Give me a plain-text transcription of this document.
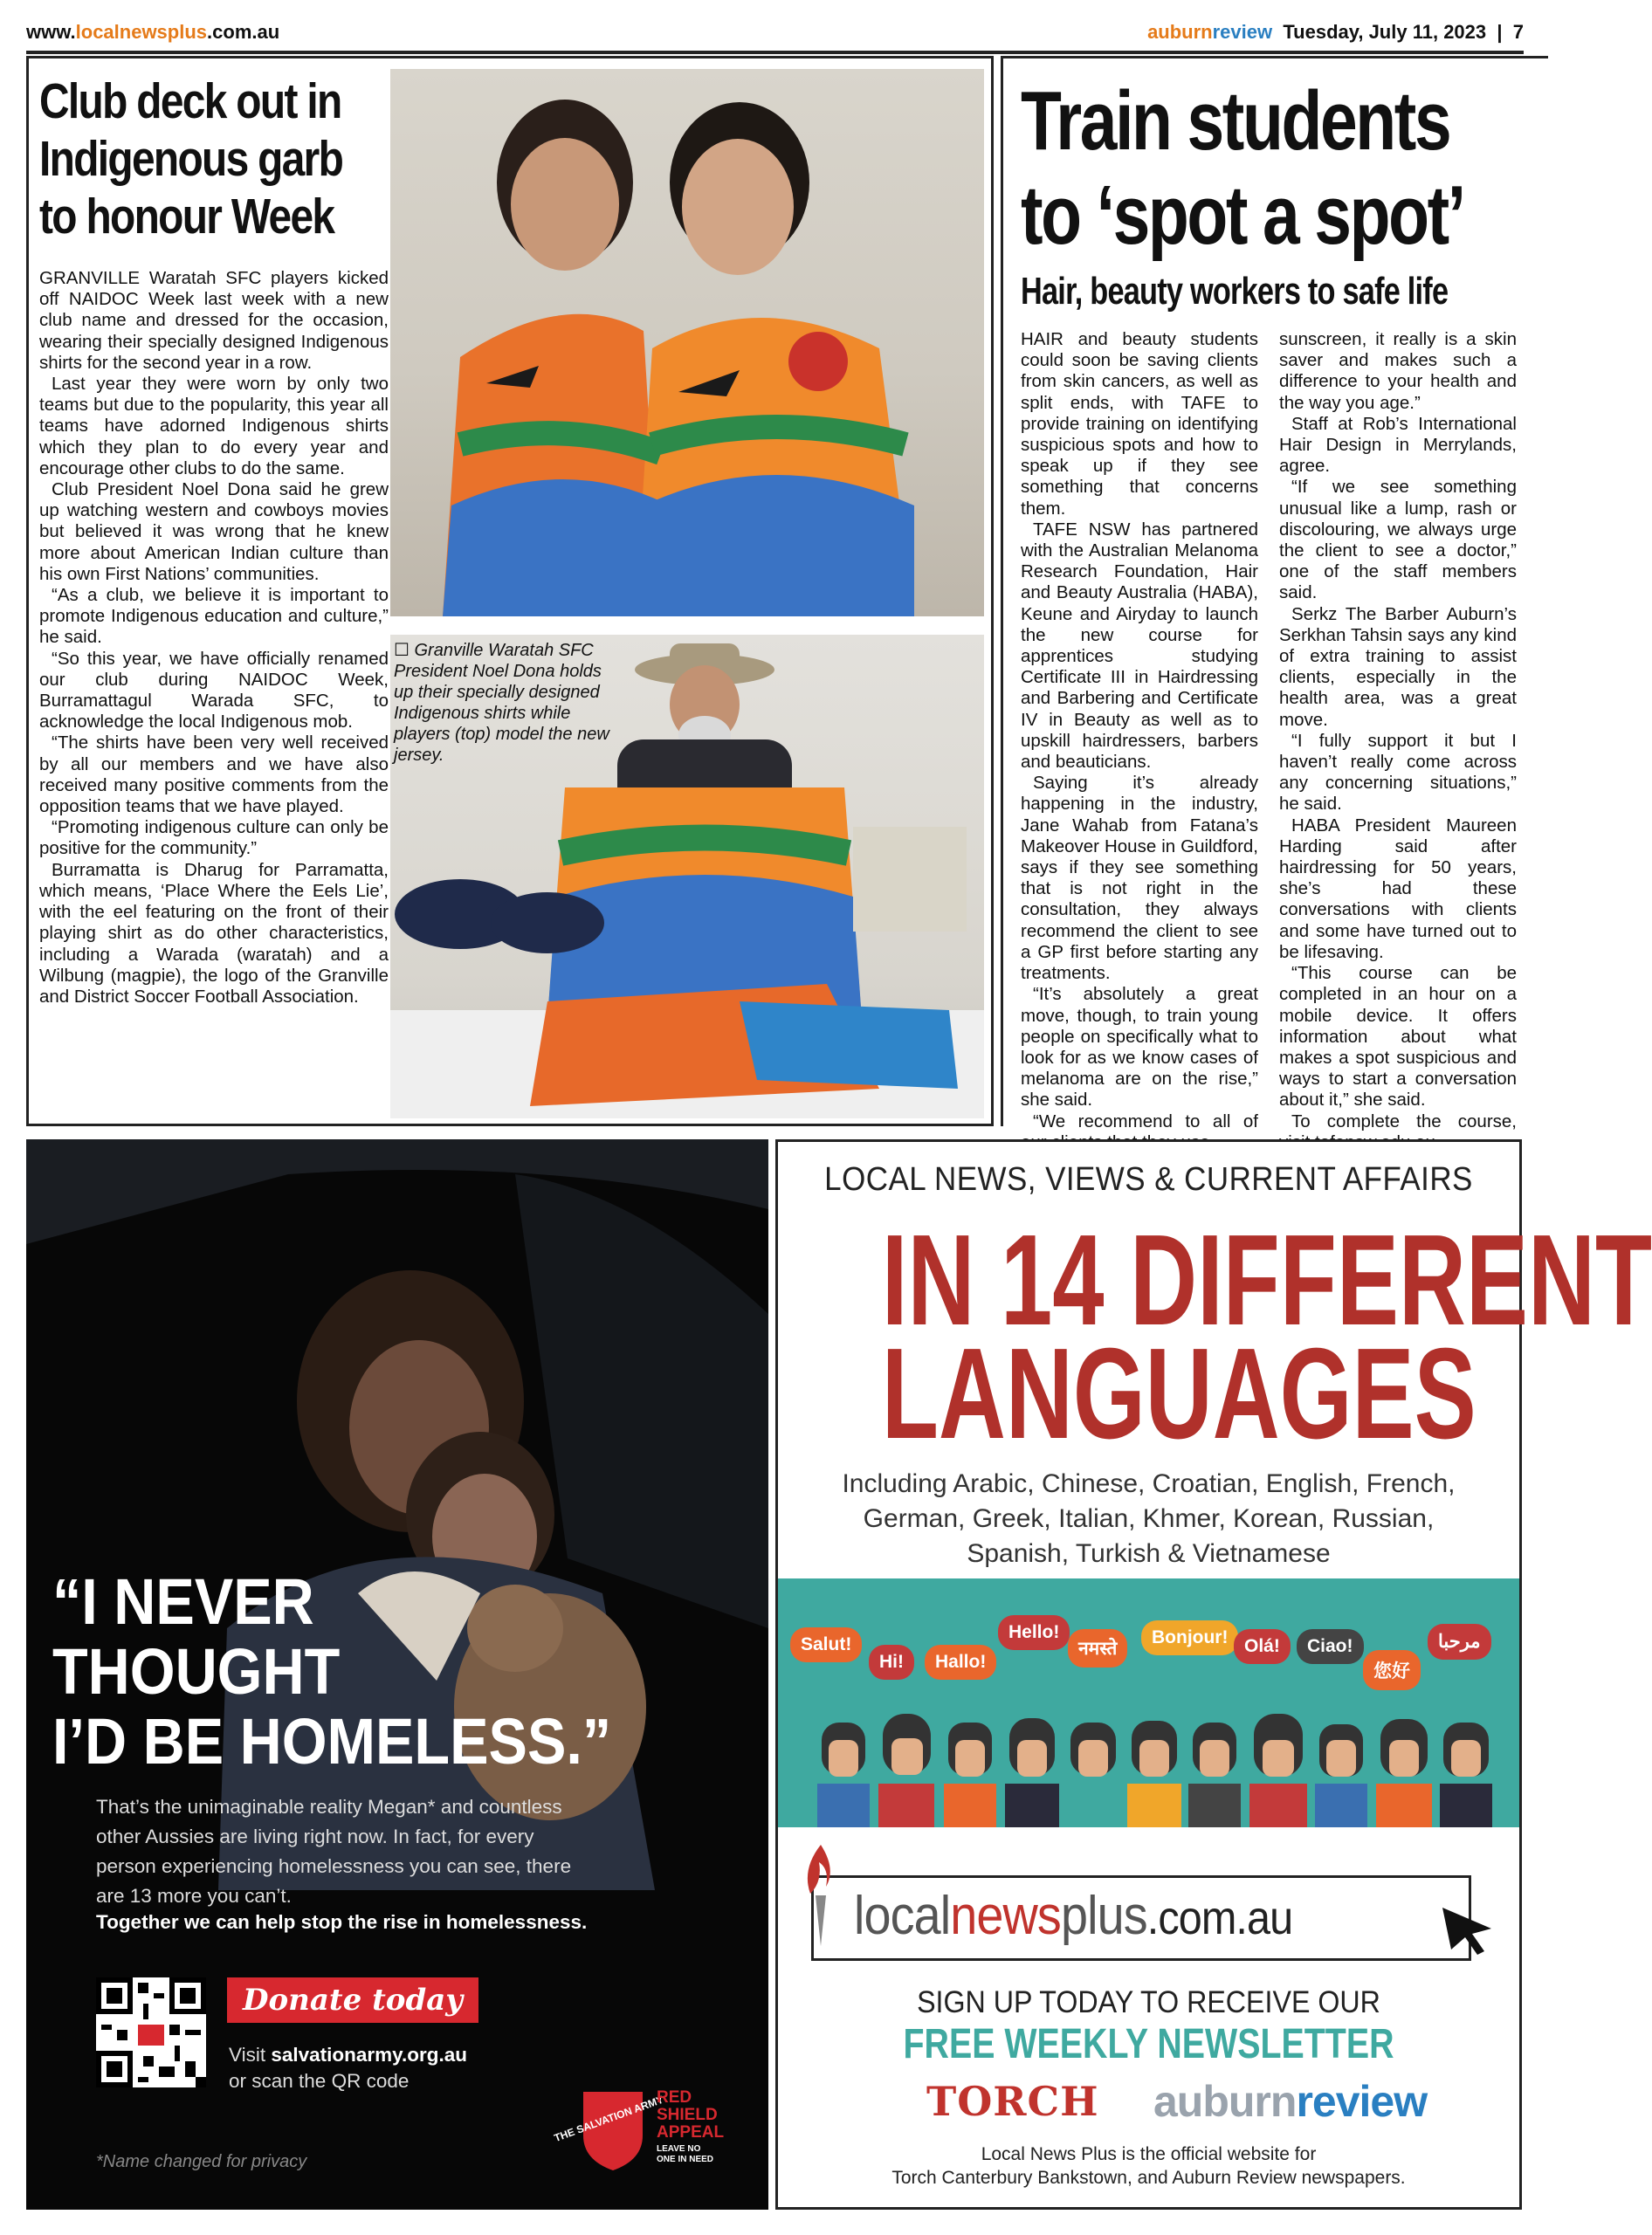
www.localnewsplus.com.au	auburnreview Tuesday, July 11, 2023  |  7
Club deck out in
Indigenous garb
to honour Week

GRANVILLE Waratah SFC players kicked off NAIDOC Week last week with a new club name and dressed for the occasion, wearing their specially designed Indigenous shirts for the second year in a row.

Last year they were worn by only two teams but due to the popularity, this year all teams have adorned Indigenous shirts which they plan to do every year and encourage other clubs to do the same.

Club President Noel Dona said he grew up watching western and cowboys movies but believed it was wrong that he knew more about American Indian culture than his own First Nations’ communities.

“As a club, we believe it is important to promote Indigenous education and culture,” he said.

“So this year, we have officially renamed our club during NAIDOC Week, Burramattagul Warada SFC, to acknowledge the local Indigenous mob.

“The shirts have been very well received by all our members and we have also received many positive comments from the opposition teams that we have played.

“Promoting indigenous culture can only be positive for the community.”

Burramatta is Dharug for Parramatta, which means, ‘Place Where the Eels Lie’, with the eel featuring on the front of their playing shirt as do other characteristics, including a Warada (waratah) and a Wilbung (magpie), the logo of the Granville and District Soccer Football Association.

☐ Granville Waratah SFC President Noel Dona holds up their specially designed Indigenous shirts while players (top) model the new jersey.
Train students
to ‘spot a spot’
Hair, beauty workers to safe life

HAIR and beauty students could soon be saving clients from skin cancers, as well as split ends, with TAFE to provide training on identifying suspicious spots and how to speak up if they see something that concerns them.

TAFE NSW has partnered with the Australian Melanoma Research Foundation, Hair and Beauty Australia (HABA), Keune and Airyday to launch the new course for apprentices studying Certificate III in Hairdressing and Barbering and Certificate IV in Beauty as well as to upskill hairdressers, barbers and beauticians.

Saying it’s already happening in the industry, Jane Wahab from Fatana’s Makeover House in Guildford, says if they see something that is not right in the consultation, they always recommend the client to see a GP first before starting any treatments.

“It’s absolutely a great move, though, to train young people on specifically what to look for as we know cases of melanoma are on the rise,” she said.

“We recommend to all of

sunscreen, it really is a skin saver and makes such a difference to your health and the way you age.”

Staff at Rob’s International Hair Design in Merrylands, agree.

“If we see something unusual like a lump, rash or discolouring, we always urge the client to see a doctor,” one of the staff members said.

Serkz The Barber Auburn’s Serkhan Tahsin says any kind of extra training to assist clients, especially in the health area, was a great move.

“I fully support it but I haven’t really come across any concerning situations,” he said.

HABA President Maureen Harding said after hairdressing for 50 years, she’s had these conversations with clients and some have turned out to be lifesaving.

“This course can be completed in an hour on a mobile device. It offers information about what makes a spot suspicious and ways to start a conversation about it,” she said.

To complete the course,

“I NEVER
THOUGHT
I’D BE HOMELESS.”
That’s the unimaginable reality Megan* and countless other Aussies are living right now. In fact, for every person experiencing homelessness you can see, there are 13 more you can’t.
Together we can help stop the rise in homelessness.
Donate today
Visit salvationarmy.org.au
or scan the QR code
*Name changed for privacy
THE SALVATION ARMY
RED
SHIELD
APPEAL
LEAVE NO
ONE IN NEED
LOCAL NEWS, VIEWS & CURRENT AFFAIRS
IN 14 DIFFERENT
LANGUAGES
Including Arabic, Chinese, Croatian, English, French,
German, Greek, Italian, Khmer, Korean, Russian,
Spanish, Turkish & Vietnamese
Salut!
Hi!	Hallo!
Hello!
नमस्ते
Bonjour! Olá!	Ciao!
您好
مرحبا
localnewsplus.com.au
SIGN UP TODAY TO RECEIVE OUR
FREE WEEKLY NEWSLETTER
TORCH auburnreview
Local News Plus is the official website for
Torch Canterbury Bankstown, and Auburn Review newspapers.
